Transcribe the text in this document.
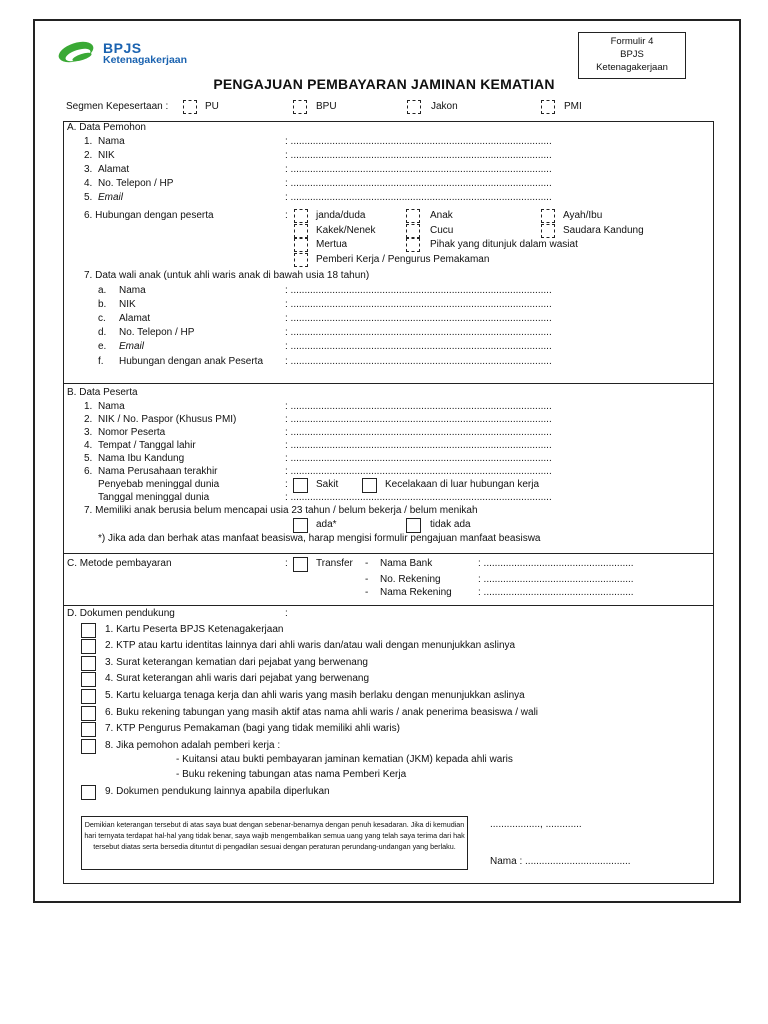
BPJS
Ketenagakerjaan
Formulir 4
BPJS
Ketenagakerjaan
PENGAJUAN PEMBAYARAN JAMINAN KEMATIAN
Segmen Kepesertaan :	PU	BPU	Jakon	PMI
A. Data Pemohon
1. Nama	: ..............................................................................................
2. NIK	: ..............................................................................................
3. Alamat	: ..............................................................................................
4. No. Telepon / HP	: ..............................................................................................
5. Email	: ..............................................................................................
6. Hubungan dengan peserta	:	janda/duda	Anak	Ayah/Ibu
Kakek/Nenek	Cucu	Saudara Kandung
Mertua	Pihak yang ditunjuk dalam wasiat
Pemberi Kerja / Pengurus Pemakaman
7. Data wali anak (untuk ahli waris anak di bawah usia 18 tahun)
a. Nama	: ..............................................................................................
b. NIK	: ..............................................................................................
c. Alamat	: ..............................................................................................
d. No. Telepon / HP	: ..............................................................................................
e. Email	: ..............................................................................................
f. Hubungan dengan anak Peserta : ..............................................................................................
B. Data Peserta
1. Nama	: ..............................................................................................
2. NIK / No. Paspor (Khusus PMI)	: ..............................................................................................
3. Nomor Peserta	: ..............................................................................................
4. Tempat / Tanggal lahir	: ..............................................................................................
5. Nama Ibu Kandung	: ..............................................................................................
6. Nama Perusahaan terakhir	: ..............................................................................................
Penyebab meninggal dunia	:	Sakit	Kecelakaan di luar hubungan kerja
Tanggal meninggal dunia	: ..............................................................................................
7. Memiliki anak berusia belum mencapai usia 23 tahun / belum bekerja / belum menikah
ada*	tidak ada
*) Jika ada dan berhak atas manfaat beasiswa, harap mengisi formulir pengajuan manfaat beasiswa
C. Metode pembayaran	:	Transfer - Nama Bank	: ......................................................
- No. Rekening	: ......................................................
- Nama Rekening	: ......................................................
D. Dokumen pendukung	:
1. Kartu Peserta BPJS Ketenagakerjaan
2. KTP atau kartu identitas lainnya dari ahli waris dan/atau wali dengan menunjukkan aslinya
3. Surat keterangan kematian dari pejabat yang berwenang
4. Surat keterangan ahli waris dari pejabat yang berwenang
5. Kartu keluarga tenaga kerja dan ahli waris yang masih berlaku dengan menunjukkan aslinya
6. Buku rekening tabungan yang masih aktif atas nama ahli waris / anak penerima beasiswa / wali
7. KTP Pengurus Pemakaman (bagi yang tidak memiliki ahli waris)
8. Jika pemohon adalah pemberi kerja :
- Kuitansi atau bukti pembayaran jaminan kematian (JKM) kepada ahli waris
- Buku rekening tabungan atas nama Pemberi Kerja
9. Dokumen pendukung lainnya apabila diperlukan
Demikian keterangan tersebut di atas saya buat dengan sebenar-benarnya dengan penuh kesadaran. Jika di kemudian hari ternyata terdapat hal-hal yang tidak benar, saya wajib mengembalikan semua uang yang telah saya terima dari hak tersebut diatas serta bersedia dituntut di pengadilan sesuai dengan peraturan perundang-undangan yang berlaku.
.................., .............
Nama : ......................................
